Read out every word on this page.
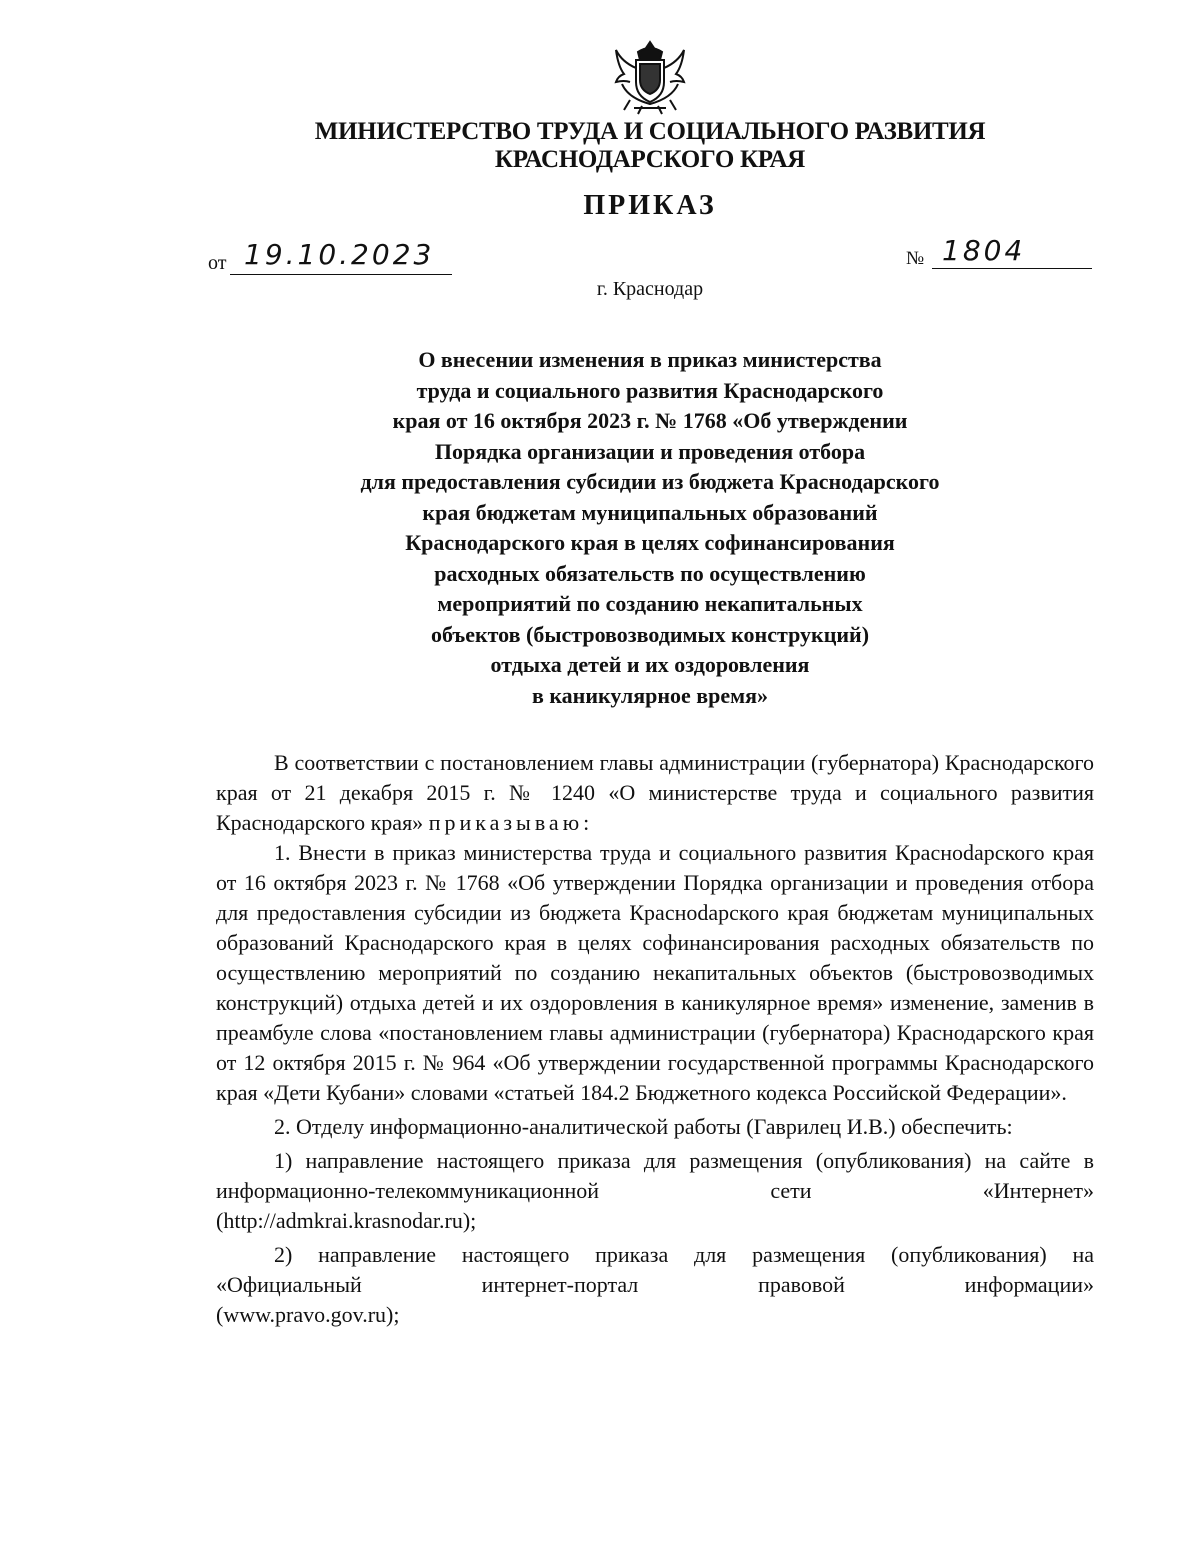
МИНИСТЕРСТВО ТРУДА И СОЦИАЛЬНОГО РАЗВИТИЯ
КРАСНОДАРСКОГО КРАЯ
ПРИКАЗ
от 19.10.2023	№ 1804
г. Краснодар
О внесении изменения в приказ министерства
труда и социального развития Краснодарского
края от 16 октября 2023 г. № 1768 «Об утверждении
Порядка организации и проведения отбора
для предоставления субсидии из бюджета Краснодарского
края бюджетам муниципальных образований
Краснодарского края в целях софинансирования
расходных обязательств по осуществлению
мероприятий по созданию некапитальных
объектов (быстровозводимых конструкций)
отдыха детей и их оздоровления
в каникулярное время»

В соответствии с постановлением главы администрации (губернатора) Краснодарского края от 21 декабря 2015 г. № 1240 «О министерстве труда и социального развития Краснодарского края» приказываю:

1. Внести в приказ министерства труда и социального развития Красноdарского края от 16 октября 2023 г. № 1768 «Об утверждении Порядка организации и проведения отбора для предоставления субсидии из бюджета Красноdарского края бюджетам муниципальных образований Краснодарского края в целях софинансирования расходных обязательств по осуществлению мероприятий по созданию некапитальных объектов (быстровозводимых конструкций) отдыха детей и их оздоровления в каникулярное время» изменение, заменив в преамбуле слова «постановлением главы администрации (губернатора) Краснодарского края от 12 октября 2015 г. № 964 «Об утверждении государственной программы Краснодарского края «Дети Кубани» словами «статьей 184.2 Бюджетного кодекса Российской Федерации».

2. Отделу информационно-аналитической работы (Гаврилец И.В.) обеспечить:

1) направление настоящего приказа для размещения (опубликования) на сайте в информационно-телекоммуникационной сети «Интернет»
(http://admkrai.krasnodar.ru);

2) направление настоящего приказа для размещения (опубликования) на «Официальный интернет-портал правовой информации»
(www.pravo.gov.ru);
